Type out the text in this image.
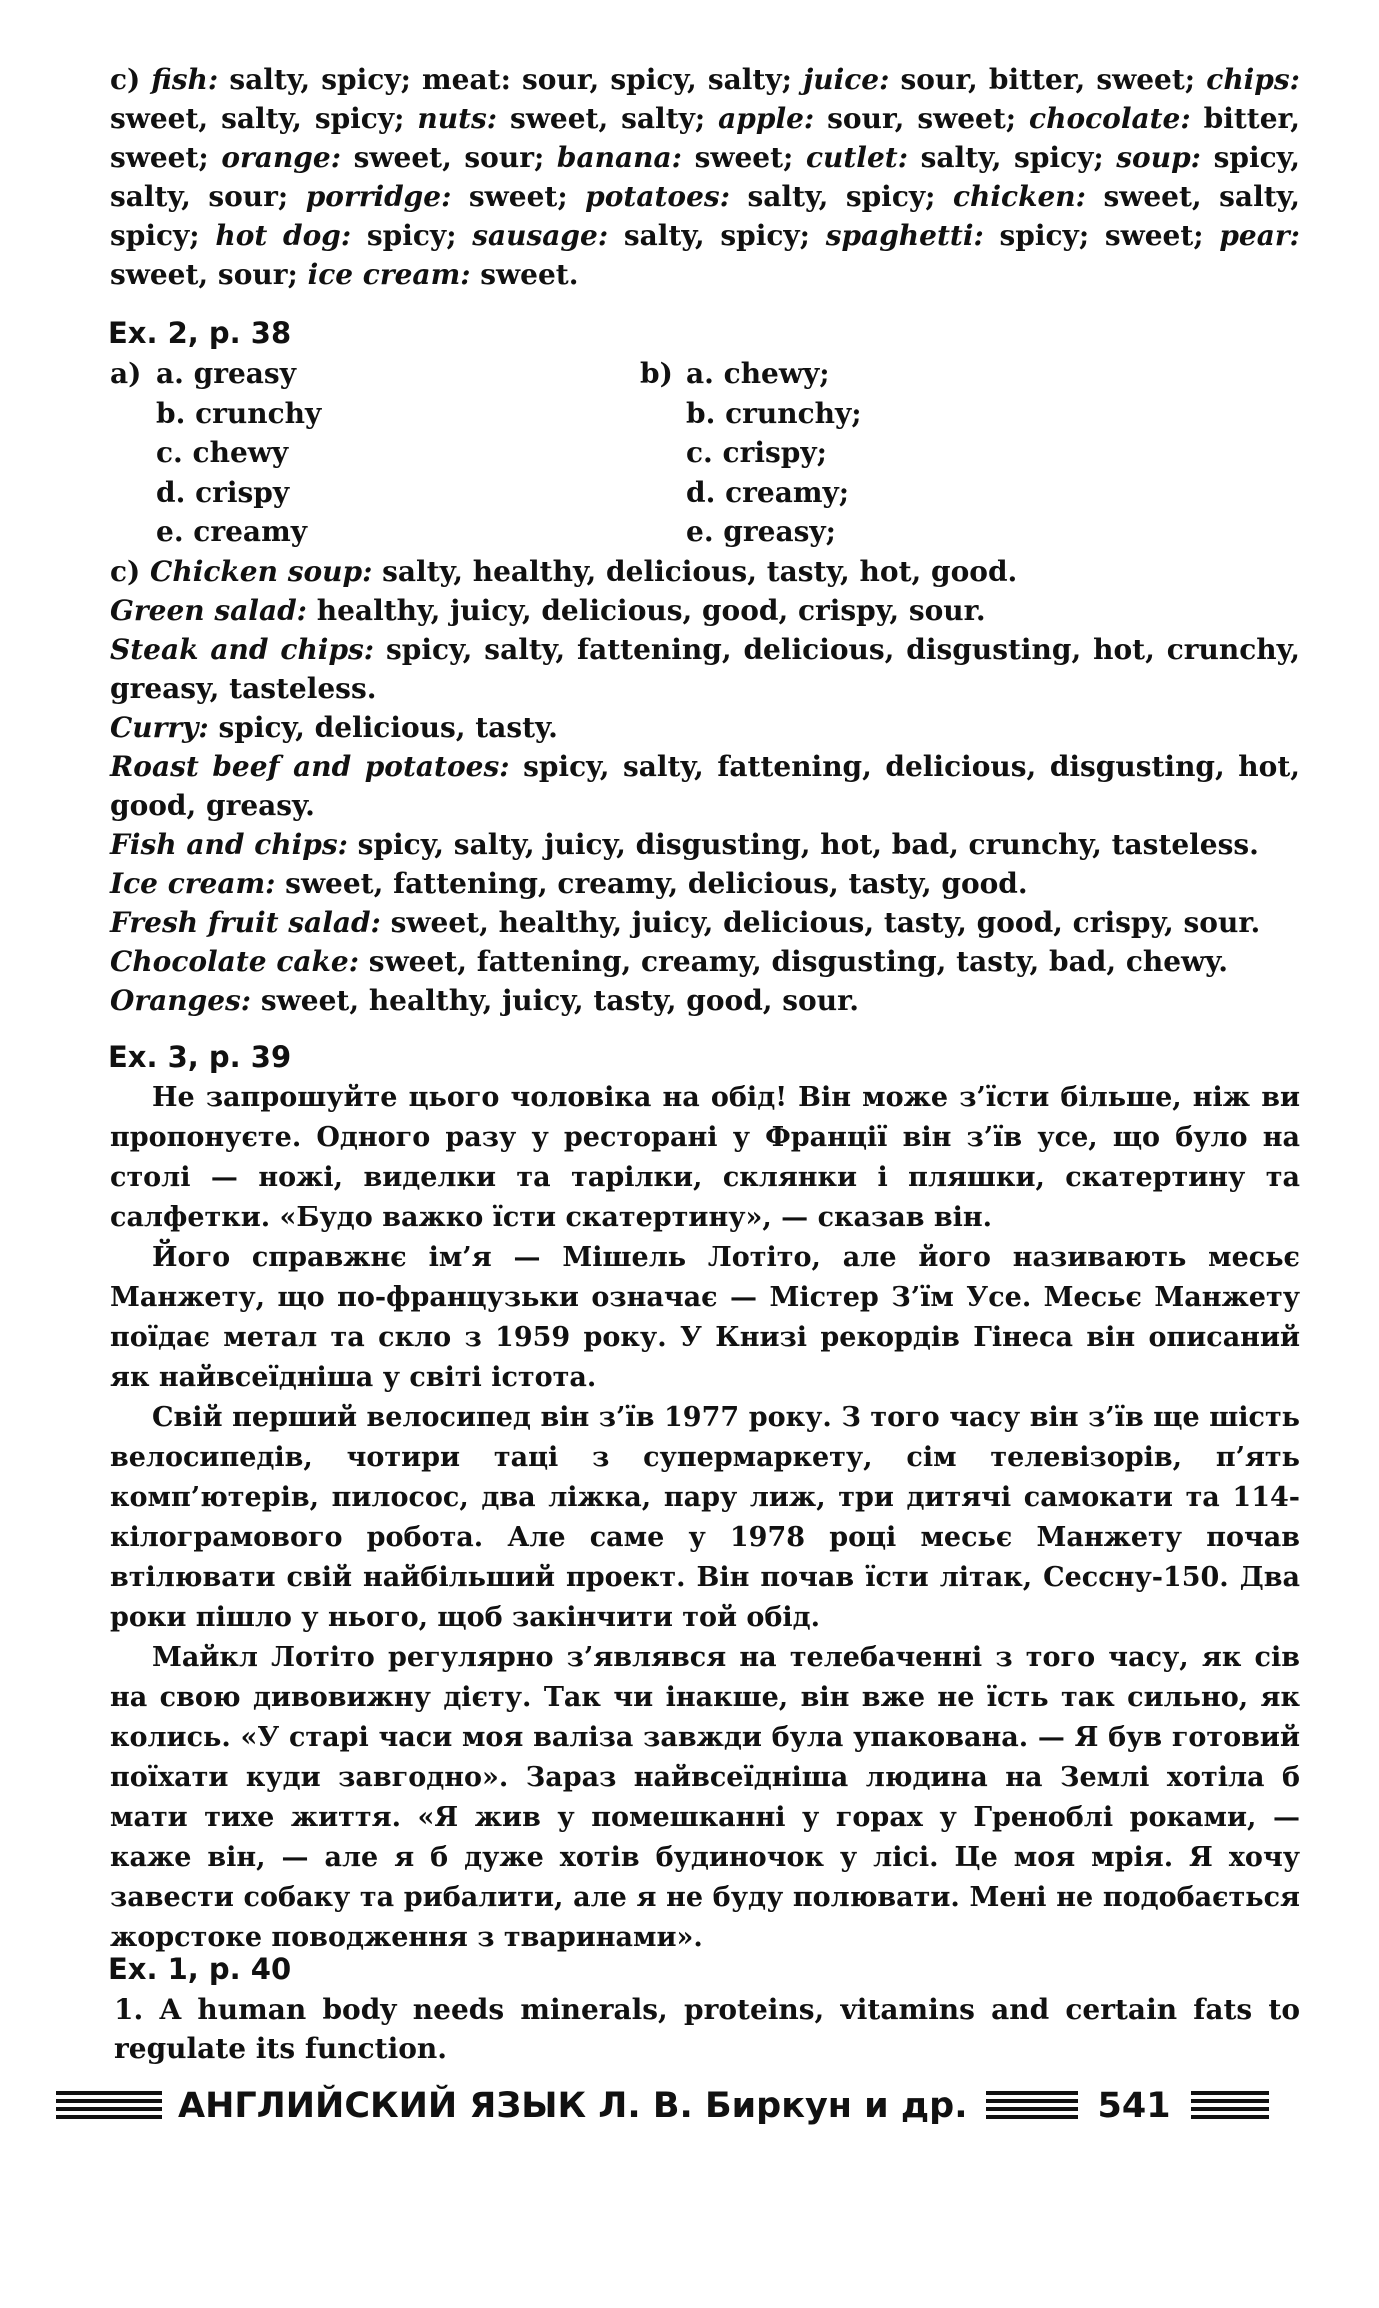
c) fish: salty, spicy; meat: sour, spicy, salty; juice: sour, bitter, sweet; chips: sweet, salty, spicy; nuts: sweet, salty; apple: sour, sweet; chocolate: bitter, sweet; orange: sweet, sour; banana: sweet; cutlet: salty, spicy; soup: spicy, salty, sour; porridge: sweet; potatoes: salty, spicy; chicken: sweet, salty, spicy; hot dog: spicy; sausage: salty, spicy; spaghetti: spicy; sweet; pear: sweet, sour; ice cream: sweet.

Ex. 2, p. 38
a) a. greasy
b. crunchy
c. chewy
d. crispy
e. creamy
b) a. chewy;
b. crunchy;
c. crispy;
d. creamy;
e. greasy;

c) Chicken soup: salty, healthy, delicious, tasty, hot, good.

Green salad: healthy, juicy, delicious, good, crispy, sour.

Steak and chips: spicy, salty, fattening, delicious, disgusting, hot, crunchy, greasy, tasteless.

Curry: spicy, delicious, tasty.

Roast beef and potatoes: spicy, salty, fattening, delicious, disgusting, hot, good, greasy.

Fish and chips: spicy, salty, juicy, disgusting, hot, bad, crunchy, tasteless.

Ice cream: sweet, fattening, creamy, delicious, tasty, good.

Fresh fruit salad: sweet, healthy, juicy, delicious, tasty, good, crispy, sour.

Chocolate cake: sweet, fattening, creamy, disgusting, tasty, bad, chewy.

Oranges: sweet, healthy, juicy, tasty, good, sour.

Ex. 3, p. 39

Не запрошуйте цього чоловіка на обід! Він може з’їсти більше, ніж ви пропонуєте. Одного разу у ресторані у Франції він з’їв усе, що було на столі — ножі, виделки та тарілки, склянки і пляшки, скатертину та салфетки. «Будо важко їсти скатертину», — сказав він.

Його справжнє ім’я — Мішель Лотіто, але його називають месьє Манжету, що по-французьки означає — Містер З’їм Усе. Месьє Манжету поїдає метал та скло з 1959 року. У Книзі рекордів Гінеса він описаний як найвсеїдніша у світі істота.

Свій перший велосипед він з’їв 1977 року. З того часу він з’їв ще шість велосипедів, чотири таці з супермаркету, сім телевізорів, п’ять комп’ютерів, пилосос, два ліжка, пару лиж, три дитячі самокати та 114-кілограмового робота. Але саме у 1978 році месьє Манжету почав втілювати свій найбільший проект. Він почав їсти літак, Сессну-150. Два роки пішло у нього, щоб закінчити той обід.

Майкл Лотіто регулярно з’являвся на телебаченні з того часу, як сів на свою дивовижну дієту. Так чи інакше, він вже не їсть так сильно, як колись. «У старі часи моя валіза завжди була упакована. — Я був готовий поїхати куди завгодно». Зараз найвсеїдніша людина на Землі хотіла б мати тихе життя. «Я жив у помешканні у горах у Греноблі роками, — каже він, — але я б дуже хотів будиночок у лісі. Це моя мрія. Я хочу завести собаку та рибалити, але я не буду полювати. Мені не подобається жорстоке поводження з тваринами».

Ex. 1, p. 40

1. A human body needs minerals, proteins, vitamins and certain fats to regulate its function.

АНГЛИЙСКИЙ ЯЗЫК Л. В. Биркун и др.	541
